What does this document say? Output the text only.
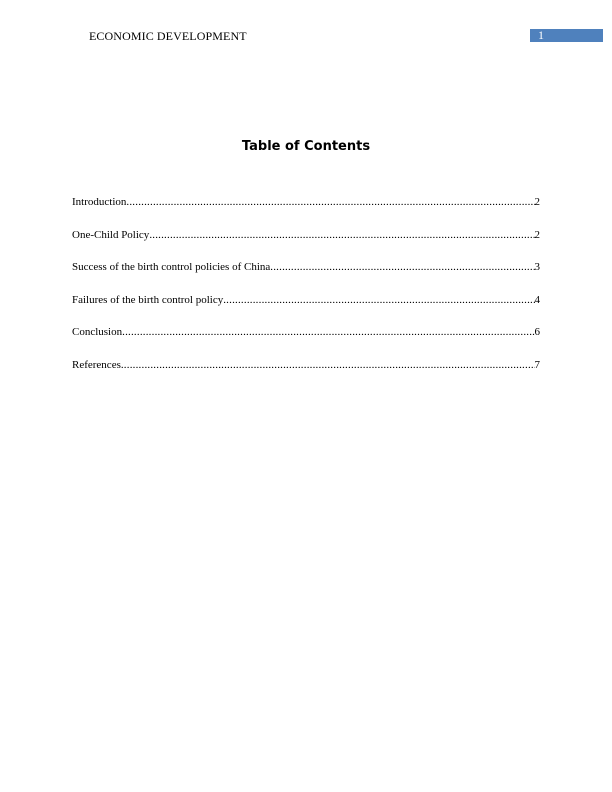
ECONOMIC DEVELOPMENT	1
Table of Contents
Introduction .....	2
One-Child Policy .....	2
Success of the birth control policies of China .....	3
Failures of the birth control policy .....	4
Conclusion .....	6
References .....	7
